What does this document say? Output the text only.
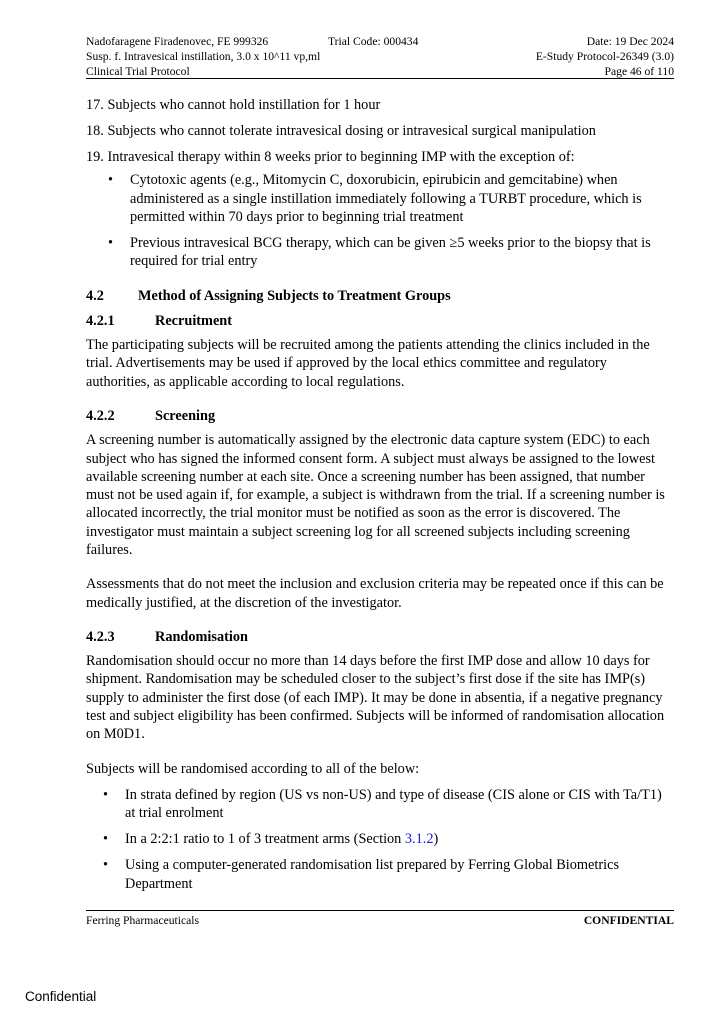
Nadofaragene Firadenovec, FE 999326	Trial Code: 000434	Date: 19 Dec 2024
Susp. f. Intravesical instillation, 3.0 x 10^11 vp,ml	E-Study Protocol-26349 (3.0)
Clinical Trial Protocol	Page 46 of 110

17. Subjects who cannot hold instillation for 1 hour

18. Subjects who cannot tolerate intravesical dosing or intravesical surgical manipulation

19. Intravesical therapy within 8 weeks prior to beginning IMP with the exception of:

• Cytotoxic agents (e.g., Mitomycin C, doxorubicin, epirubicin and gemcitabine) when administered as a single instillation immediately following a TURBT procedure, which is permitted within 70 days prior to beginning trial treatment
• Previous intravesical BCG therapy, which can be given ≥5 weeks prior to the biopsy that is required for trial entry
4.2 Method of Assigning Subjects to Treatment Groups
4.2.1	Recruitment

The participating subjects will be recruited among the patients attending the clinics included in the trial. Advertisements may be used if approved by the local ethics committee and regulatory authorities, as applicable according to local regulations.

4.2.2	Screening

A screening number is automatically assigned by the electronic data capture system (EDC) to each subject who has signed the informed consent form. A subject must always be assigned to the lowest available screening number at each site. Once a screening number has been assigned, that number must not be used again if, for example, a subject is withdrawn from the trial. If a screening number is allocated incorrectly, the trial monitor must be notified as soon as the error is discovered. The investigator must maintain a subject screening log for all screened subjects including screening failures.

Assessments that do not meet the inclusion and exclusion criteria may be repeated once if this can be medically justified, at the discretion of the investigator.

4.2.3	Randomisation

Randomisation should occur no more than 14 days before the first IMP dose and allow 10 days for shipment. Randomisation may be scheduled closer to the subject’s first dose if the site has IMP(s) supply to administer the first dose (of each IMP). It may be done in absentia, if a negative pregnancy test and subject eligibility has been confirmed. Subjects will be informed of randomisation allocation on M0D1.

Subjects will be randomised according to all of the below:

• In strata defined by region (US vs non-US) and type of disease (CIS alone or CIS with Ta/T1) at trial enrolment
• In a 2:2:1 ratio to 1 of 3 treatment arms (Section 3.1.2)
• Using a computer-generated randomisation list prepared by Ferring Global Biometrics Department
Ferring Pharmaceuticals	CONFIDENTIAL
Confidential
